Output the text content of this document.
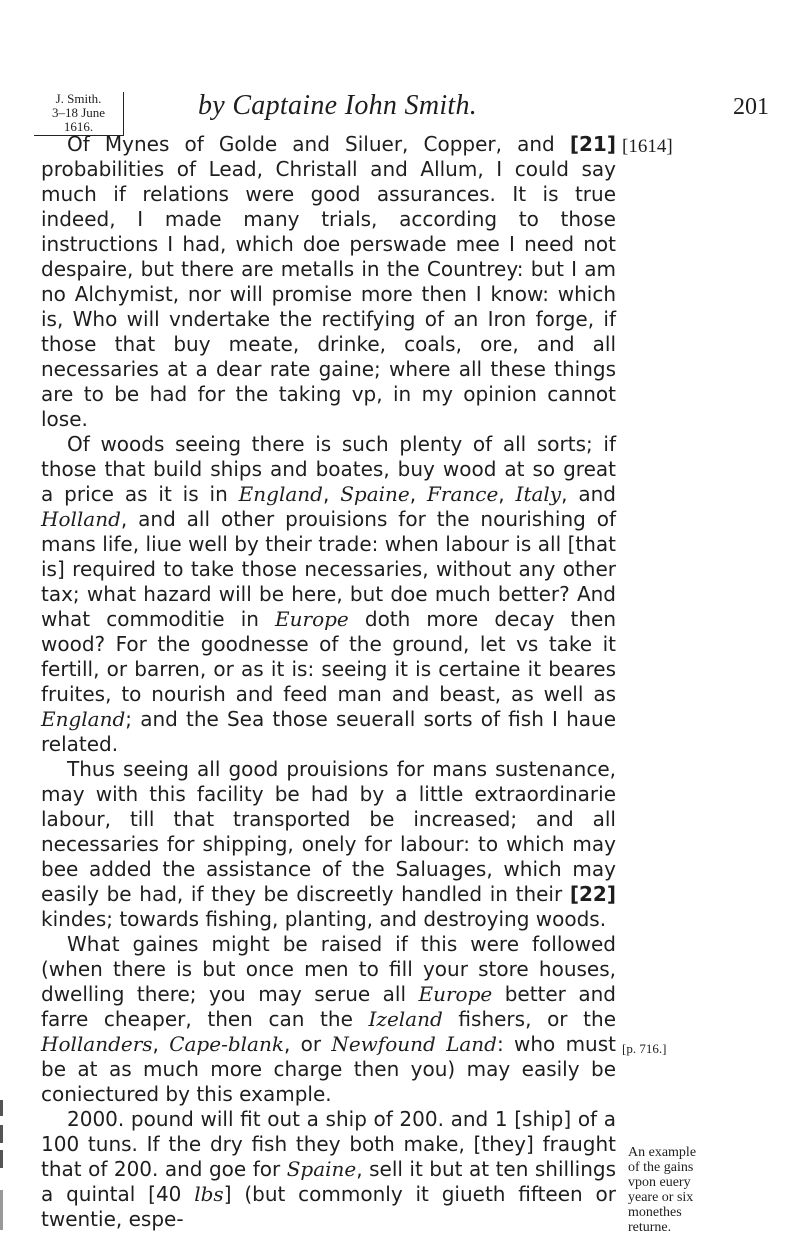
J. Smith.
3–18 June 1616.
by Captaine Iohn Smith.	201
[1614]
[p. 716.]
An example of the gains vpon euery yeare or six monethes returne.

Of Mynes of Golde and Siluer, Copper, and [21] probabilities of Lead, Christall and Allum, I could say much if relations were good assurances. It is true indeed, I made many trials, according to those instructions I had, which doe perswade mee I need not despaire, but there are metalls in the Countrey: but I am no Alchymist, nor will promise more then I know: which is, Who will vndertake the rectifying of an Iron forge, if those that buy meate, drinke, coals, ore, and all necessaries at a dear rate gaine; where all these things are to be had for the taking vp, in my opinion cannot lose.

Of woods seeing there is such plenty of all sorts; if those that build ships and boates, buy wood at so great a price as it is in England, Spaine, France, Italy, and Holland, and all other prouisions for the nourishing of mans life, liue well by their trade: when labour is all [that is] required to take those necessaries, without any other tax; what hazard will be here, but doe much better? And what commoditie in Europe doth more decay then wood? For the goodnesse of the ground, let vs take it fertill, or barren, or as it is: seeing it is certaine it beares fruites, to nourish and feed man and beast, as well as England; and the Sea those seuerall sorts of fish I haue related.

Thus seeing all good prouisions for mans sustenance, may with this facility be had by a little extraordinarie labour, till that transported be increased; and all necessaries for shipping, onely for labour: to which may bee added the assistance of the Saluages, which may easily be had, if they be discreetly handled in their [22] kindes; towards fishing, planting, and destroying woods.

What gaines might be raised if this were followed (when there is but once men to fill your store houses, dwelling there; you may serue all Europe better and farre cheaper, then can the Izeland fishers, or the Hollanders, Cape-blank, or Newfound Land: who must be at as much more charge then you) may easily be coniectured by this example.

2000. pound will fit out a ship of 200. and 1 [ship] of a 100 tuns. If the dry fish they both make, [they] fraught that of 200. and goe for Spaine, sell it but at ten shillings a quintal [40 lbs] (but commonly it giueth fifteen or twentie, espe-
